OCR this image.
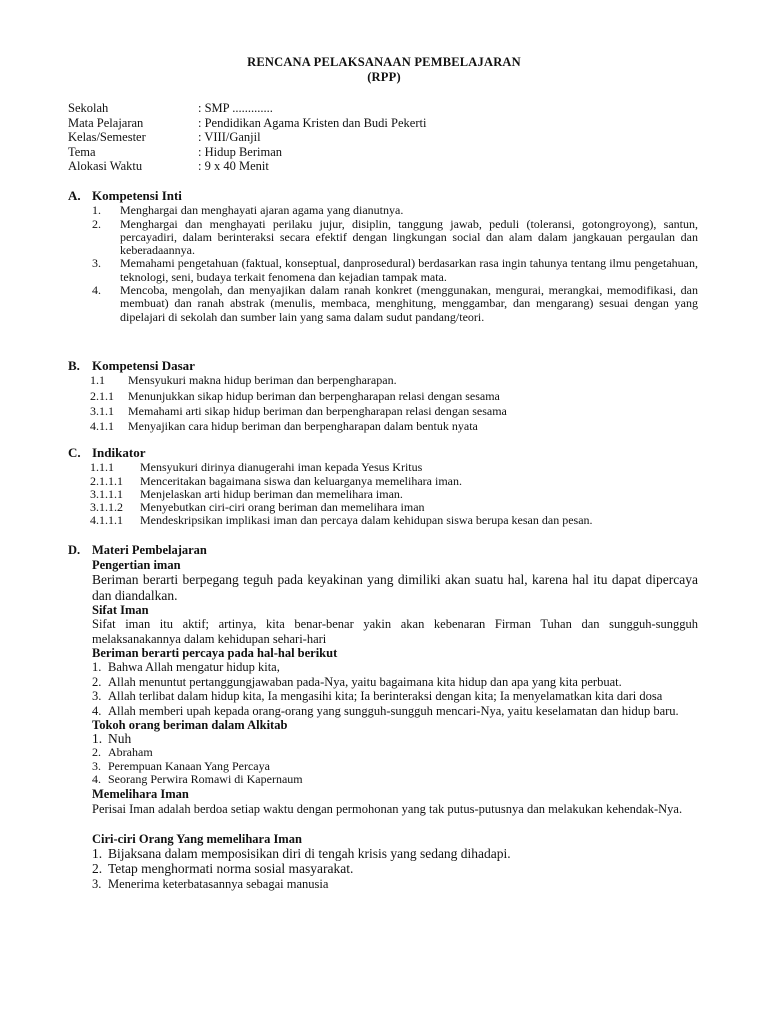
RENCANA PELAKSANAAN PEMBELAJARAN
(RPP)
Sekolah	: SMP .............
Mata Pelajaran	: Pendidikan Agama Kristen dan Budi Pekerti
Kelas/Semester	: VIII/Ganjil
Tema	: Hidup Beriman
Alokasi Waktu	: 9 x 40 Menit
A. Kompetensi Inti
1.	Menghargai dan menghayati ajaran agama yang dianutnya.
2.	Menghargai dan menghayati perilaku jujur, disiplin, tanggung jawab, peduli (toleransi, gotongroyong), santun, percayadiri, dalam berinteraksi secara efektif dengan lingkungan social dan alam dalam jangkauan pergaulan dan keberadaannya.
3.	Memahami pengetahuan (faktual, konseptual, danprosedural) berdasarkan rasa ingin tahunya tentang ilmu pengetahuan, teknologi, seni, budaya terkait fenomena dan kejadian tampak mata.
4.	Mencoba, mengolah, dan menyajikan dalam ranah konkret (menggunakan, mengurai, merangkai, memodifikasi, dan membuat) dan ranah abstrak (menulis, membaca, menghitung, menggambar, dan mengarang) sesuai dengan yang dipelajari di sekolah dan sumber lain yang sama dalam sudut pandang/teori.
B. Kompetensi Dasar
1.1	Mensyukuri makna hidup beriman dan berpengharapan.
2.1.1	Menunjukkan sikap hidup beriman dan berpengharapan relasi dengan sesama
3.1.1	Memahami arti sikap hidup beriman dan berpengharapan relasi dengan sesama
4.1.1	Menyajikan cara hidup beriman dan berpengharapan dalam bentuk nyata
C. Indikator
1.1.1	Mensyukuri dirinya dianugerahi iman kepada Yesus Kritus
2.1.1.1	Menceritakan bagaimana siswa dan keluarganya memelihara iman.
3.1.1.1	Menjelaskan arti hidup beriman dan memelihara iman.
3.1.1.2	Menyebutkan ciri-ciri orang beriman dan memelihara iman
4.1.1.1	Mendeskripsikan implikasi iman dan percaya dalam kehidupan siswa berupa kesan dan pesan.
D. Materi Pembelajaran
Pengertian iman
Beriman berarti berpegang teguh pada keyakinan yang dimiliki akan suatu hal, karena hal itu dapat dipercaya dan diandalkan.
Sifat Iman
Sifat iman itu aktif; artinya, kita benar-benar yakin akan kebenaran Firman Tuhan dan sungguh-sungguh melaksanakannya dalam kehidupan sehari-hari
Beriman berarti percaya pada hal-hal berikut
1. Bahwa Allah mengatur hidup kita,
2. Allah menuntut pertanggungjawaban pada-Nya, yaitu bagaimana kita hidup dan apa yang kita perbuat.
3. Allah terlibat dalam hidup kita, Ia mengasihi kita; Ia berinteraksi dengan kita; Ia menyelamatkan kita dari dosa
4. Allah memberi upah kepada orang-orang yang sungguh-sungguh mencari-Nya, yaitu keselamatan dan hidup baru.
Tokoh orang beriman dalam Alkitab
1. Nuh
2. Abraham
3. Perempuan Kanaan Yang Percaya
4. Seorang Perwira Romawi di Kapernaum
Memelihara Iman
Perisai Iman adalah berdoa setiap waktu dengan permohonan yang tak putus-putusnya dan melakukan kehendak-Nya.
Ciri-ciri Orang Yang memelihara Iman
1. Bijaksana dalam memposisikan diri di tengah krisis yang sedang dihadapi.
2. Tetap menghormati norma sosial masyarakat.
3. Menerima keterbatasannya sebagai manusia
